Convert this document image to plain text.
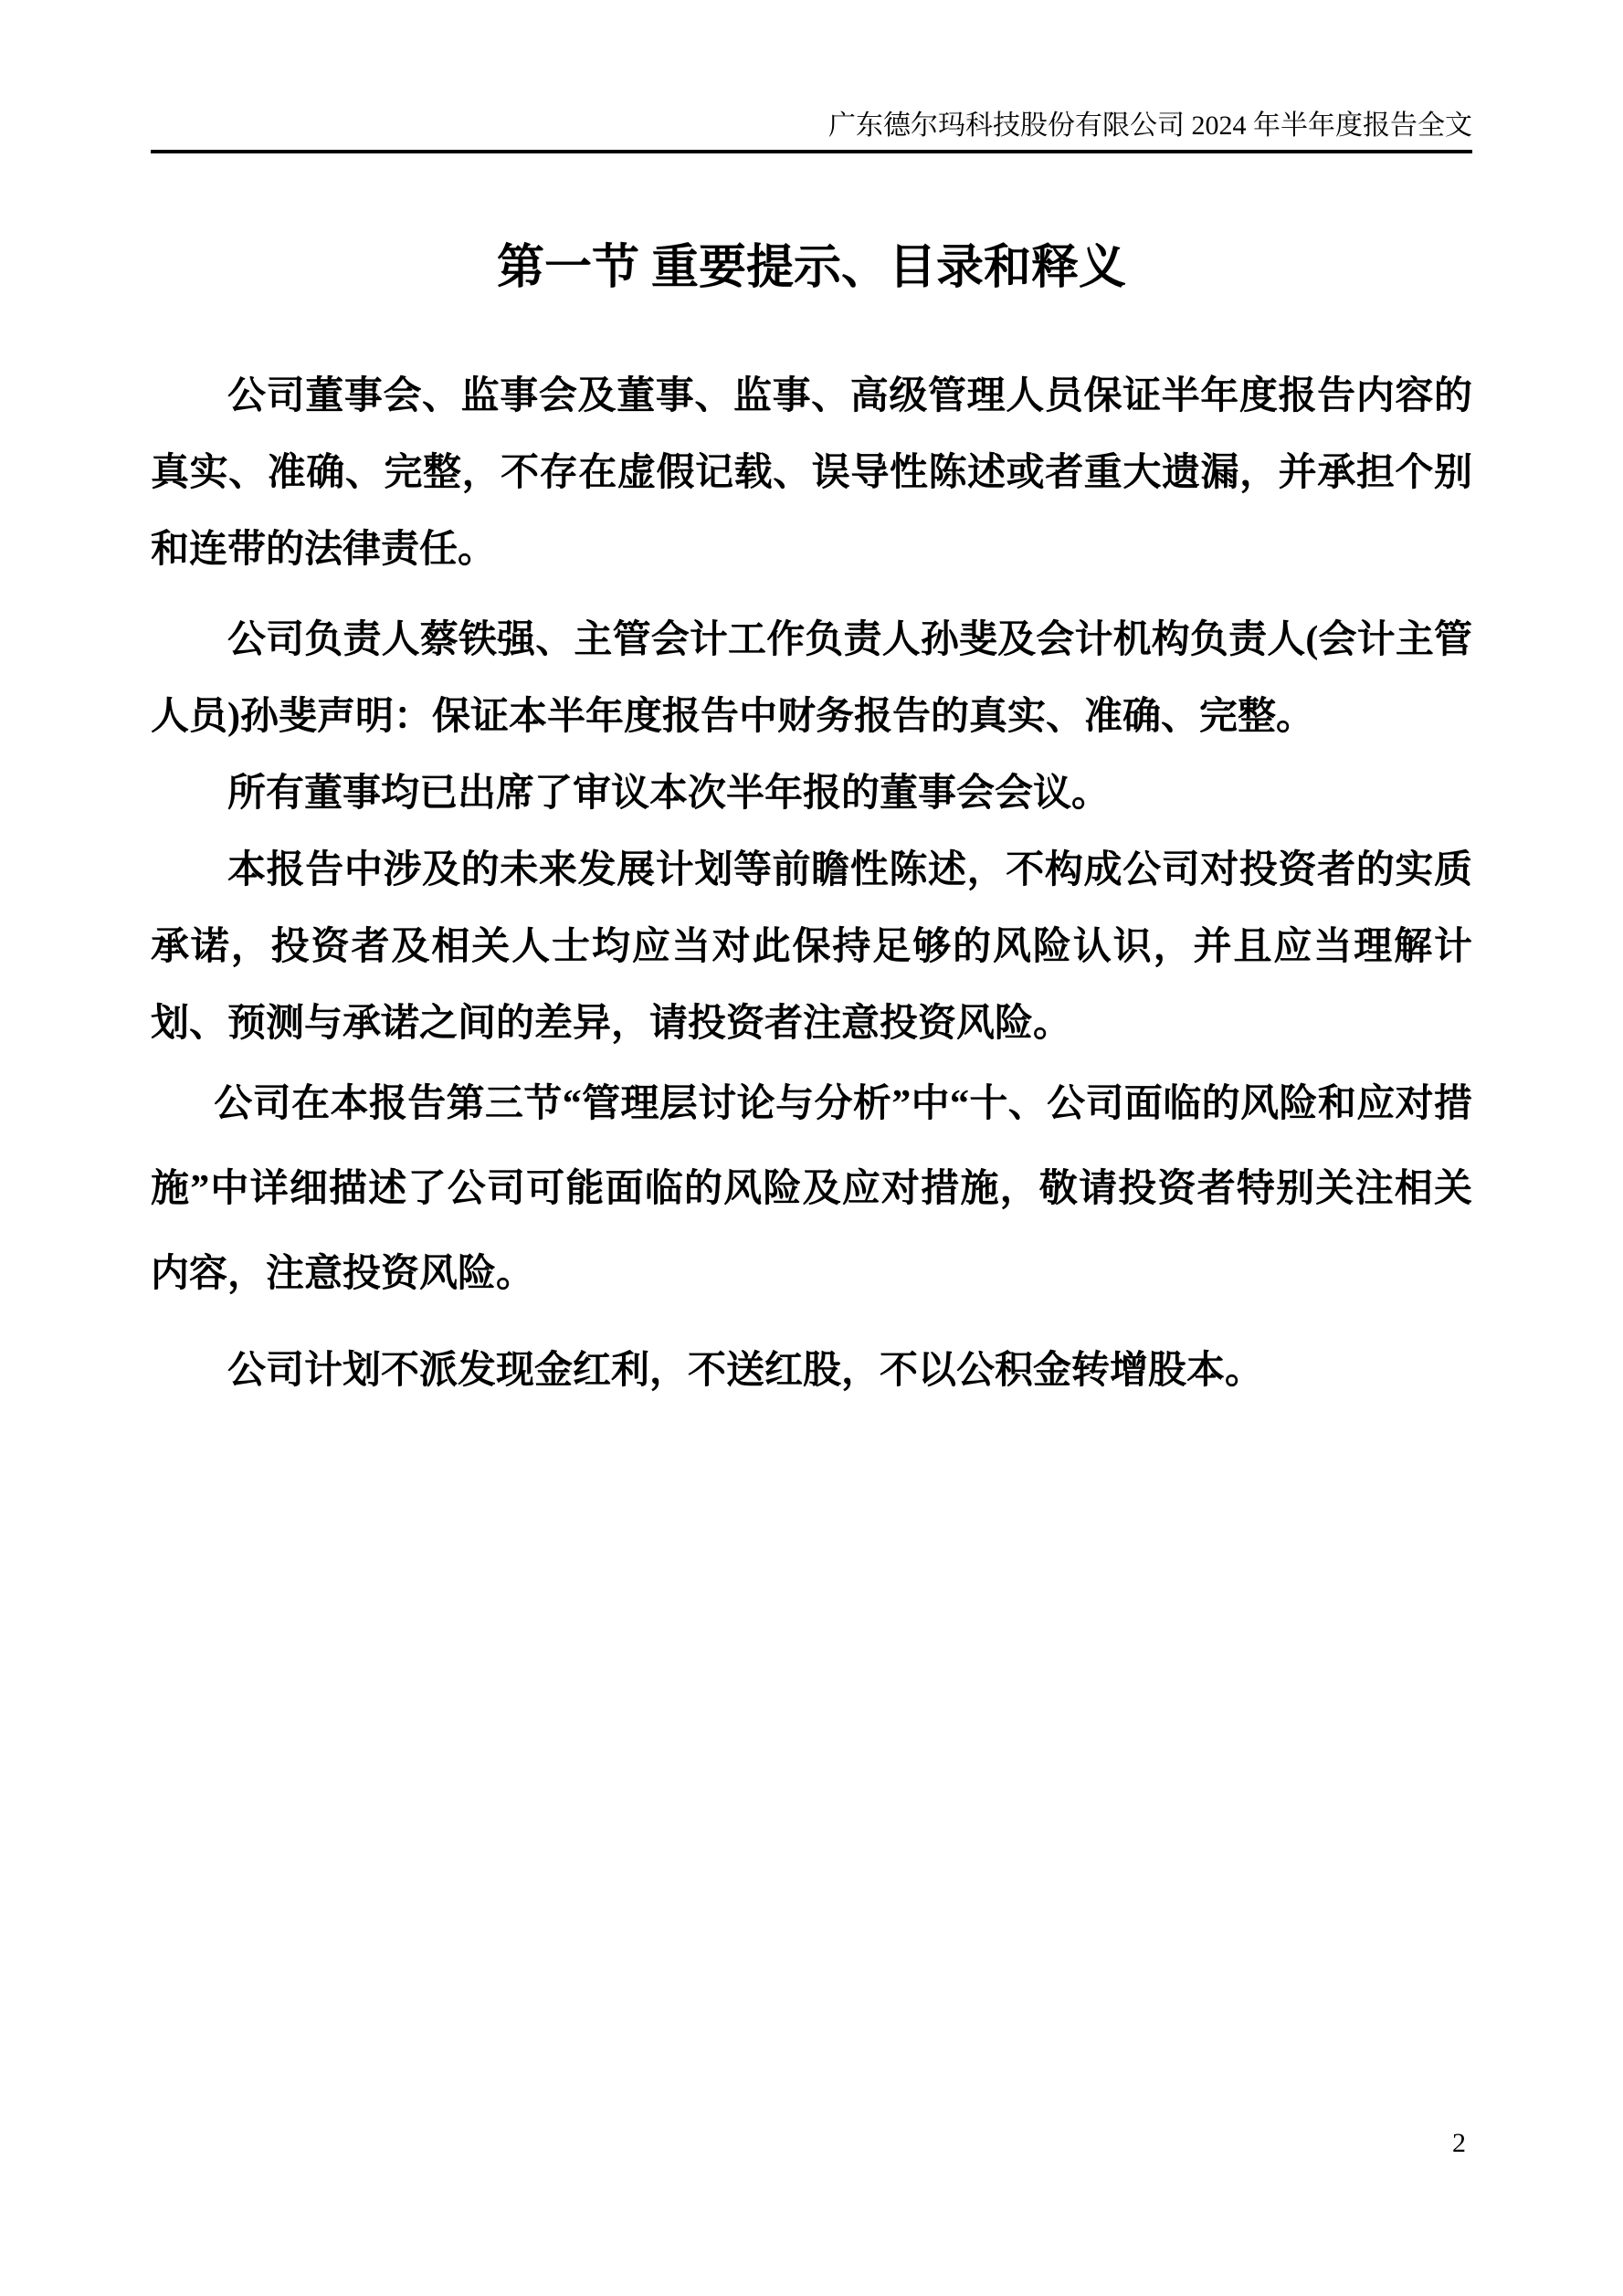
广东德尔玛科技股份有限公司 2024 年半年度报告全文
第一节 重要提示、目录和释义

公司董事会、监事会及董事、监事、高级管理人员保证半年度报告内容的真实、准确、完整，不存在虚假记载、误导性陈述或者重大遗漏，并承担个别和连带的法律责任。

公司负责人蔡铁强、主管会计工作负责人孙斐及会计机构负责人(会计主管人员)孙斐声明：保证本半年度报告中财务报告的真实、准确、完整。

所有董事均已出席了审议本次半年报的董事会会议。

本报告中涉及的未来发展计划等前瞻性陈述，不构成公司对投资者的实质承诺，投资者及相关人士均应当对此保持足够的风险认识，并且应当理解计划、预测与承诺之间的差异，请投资者注意投资风险。

公司在本报告第三节“管理层讨论与分析”中“十、公司面临的风险和应对措施”中详细描述了公司可能面临的风险及应对措施，敬请投资者特别关注相关内容，注意投资风险。

公司计划不派发现金红利，不送红股，不以公积金转增股本。

2
